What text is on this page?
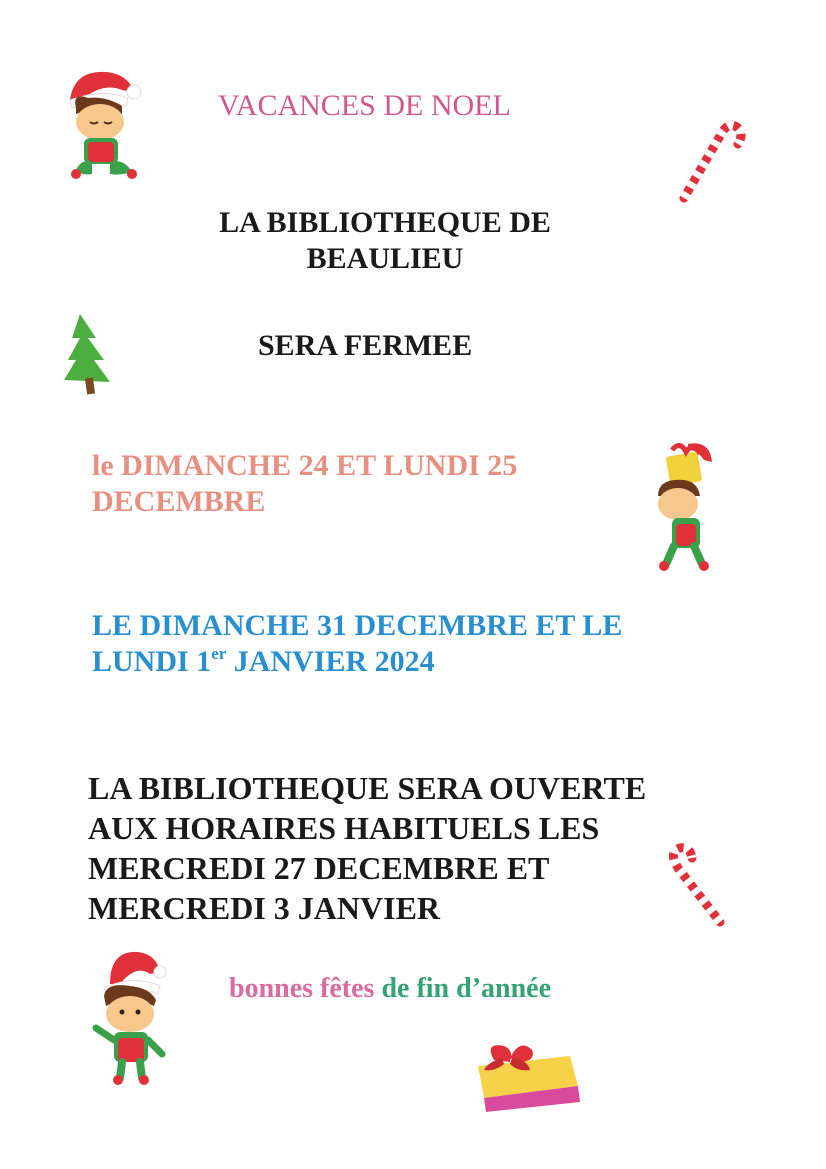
VACANCES DE NOEL
LA BIBLIOTHEQUE DE
BEAULIEU
SERA FERMEE
le DIMANCHE 24 ET LUNDI 25
DECEMBRE
LE DIMANCHE 31 DECEMBRE ET LE
LUNDI 1er JANVIER 2024
LA BIBLIOTHEQUE SERA OUVERTE
AUX HORAIRES HABITUELS LES
MERCREDI 27 DECEMBRE ET
MERCREDI 3 JANVIER
bonnes fêtes de fin d’année
